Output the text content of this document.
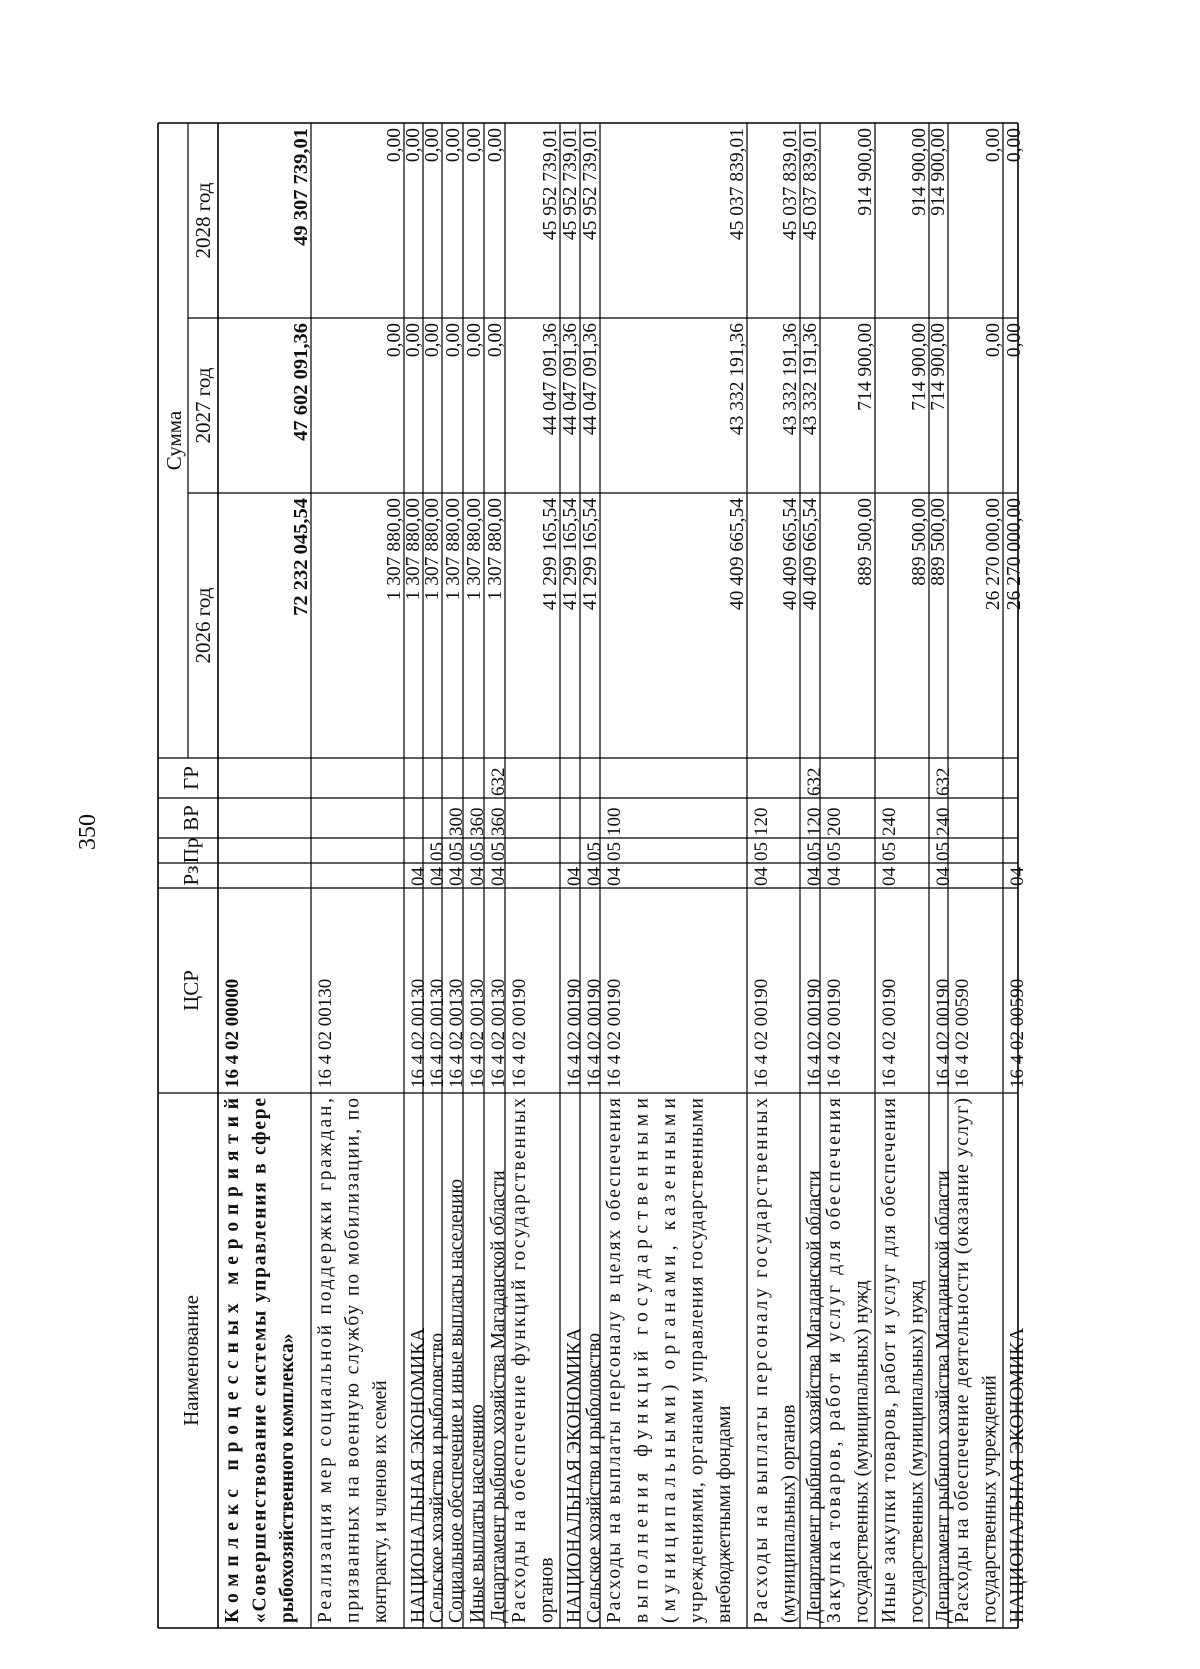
350
Наименование
ЦСР
Рз
Пр
ВР
ГР
Сумма
2026 год
2027 год
2028 год
Комплекс процессных мероприятий
«Совершенствование системы управления в сфере
рыбохозяйственного комплекса»
16 4 02 00000
72 232 045,54
47 602 091,36
49 307 739,01
Реализация мер социальной поддержки граждан,
призванных на военную службу по мобилизации, по
контракту, и членов их семей
16 4 02 00130
1 307 880,00
0,00
0,00
НАЦИОНАЛЬНАЯ ЭКОНОМИКА
16 4 02 00130
04
1 307 880,00
0,00
0,00
Сельское хозяйство и рыболовство
16 4 02 00130
04
05
1 307 880,00
0,00
0,00
Социальное обеспечение и иные выплаты населению
16 4 02 00130
04
05
300
1 307 880,00
0,00
0,00
Иные выплаты населению
16 4 02 00130
04
05
360
1 307 880,00
0,00
0,00
Департамент рыбного хозяйства Магаданской области
16 4 02 00130
04
05
360
632
1 307 880,00
0,00
0,00
Расходы на обеспечение функций государственных
органов
16 4 02 00190
41 299 165,54
44 047 091,36
45 952 739,01
НАЦИОНАЛЬНАЯ ЭКОНОМИКА
16 4 02 00190
04
41 299 165,54
44 047 091,36
45 952 739,01
Сельское хозяйство и рыболовство
16 4 02 00190
04
05
41 299 165,54
44 047 091,36
45 952 739,01
Расходы на выплаты персоналу в целях обеспечения
выполнения функций государственными
(муниципальными) органами, казенными
учреждениями, органами управления государственными
внебюджетными фондами
16 4 02 00190
04
05
100
40 409 665,54
43 332 191,36
45 037 839,01
Расходы на выплаты персоналу государственных
(муниципальных) органов
16 4 02 00190
04
05
120
40 409 665,54
43 332 191,36
45 037 839,01
Департамент рыбного хозяйства Магаданской области
16 4 02 00190
04
05
120
632
40 409 665,54
43 332 191,36
45 037 839,01
Закупка товаров, работ и услуг для обеспечения
государственных (муниципальных) нужд
16 4 02 00190
04
05
200
889 500,00
714 900,00
914 900,00
Иные закупки товаров, работ и услуг для обеспечения
государственных (муниципальных) нужд
16 4 02 00190
04
05
240
889 500,00
714 900,00
914 900,00
Департамент рыбного хозяйства Магаданской области
16 4 02 00190
04
05
240
632
889 500,00
714 900,00
914 900,00
Расходы на обеспечение деятельности (оказание услуг)
государственных учреждений
16 4 02 00590
26 270 000,00
0,00
0,00
НАЦИОНАЛЬНАЯ ЭКОНОМИКА
16 4 02 00590
04
26 270 000,00
0,00
0,00
